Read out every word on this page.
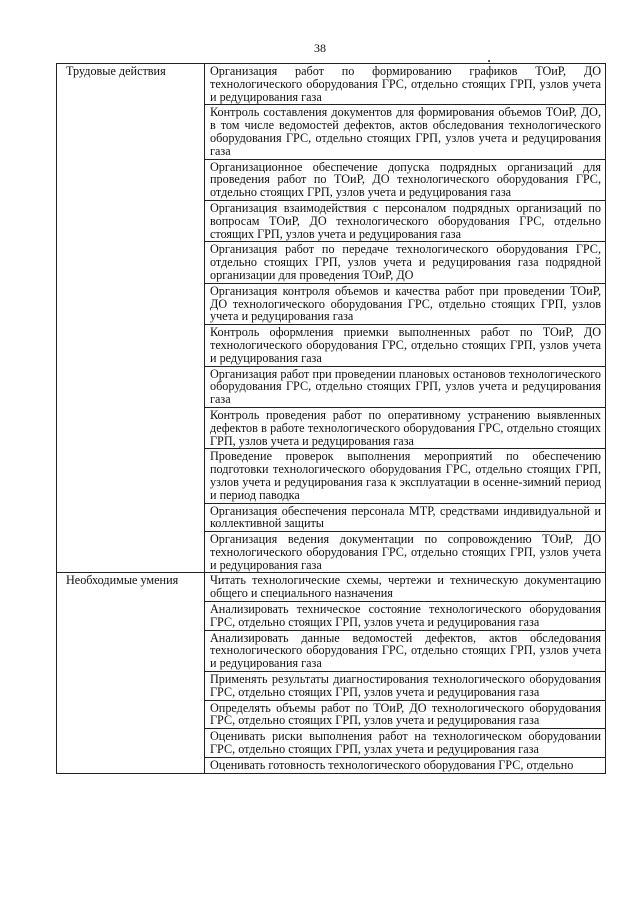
38
Трудовые действия	Организация работ по формированию графиков ТОиР, ДО технологического оборудования ГРС, отдельно стоящих ГРП, узлов учета и редуцирования газа
	Контроль составления документов для формирования объемов ТОиР, ДО, в том числе ведомостей дефектов, актов обследования технологического оборудования ГРС, отдельно стоящих ГРП, узлов учета и редуцирования газа
	Организационное обеспечение допуска подрядных организаций для проведения работ по ТОиР, ДО технологического оборудования ГРС, отдельно стоящих ГРП, узлов учета и редуцирования газа
	Организация взаимодействия с персоналом подрядных организаций по вопросам ТОиР, ДО технологического оборудования ГРС, отдельно стоящих ГРП, узлов учета и редуцирования газа
	Организация работ по передаче технологического оборудования ГРС, отдельно стоящих ГРП, узлов учета и редуцирования газа подрядной организации для проведения ТОиР, ДО
	Организация контроля объемов и качества работ при проведении ТОиР, ДО технологического оборудования ГРС, отдельно стоящих ГРП, узлов учета и редуцирования газа
	Контроль оформления приемки выполненных работ по ТОиР, ДО технологического оборудования ГРС, отдельно стоящих ГРП, узлов учета и редуцирования газа
	Организация работ при проведении плановых остановов технологического оборудования ГРС, отдельно стоящих ГРП, узлов учета и редуцирования газа
	Контроль проведения работ по оперативному устранению выявленных дефектов в работе технологического оборудования ГРС, отдельно стоящих ГРП, узлов учета и редуцирования газа
	Проведение проверок выполнения мероприятий по обеспечению подготовки технологического оборудования ГРС, отдельно стоящих ГРП, узлов учета и редуцирования газа к эксплуатации в осенне-зимний период и период паводка
	Организация обеспечения персонала МТР, средствами индивидуальной и коллективной защиты
	Организация ведения документации по сопровождению ТОиР, ДО технологического оборудования ГРС, отдельно стоящих ГРП, узлов учета и редуцирования газа
Необходимые умения	Читать технологические схемы, чертежи и техническую документацию общего и специального назначения
	Анализировать техническое состояние технологического оборудования ГРС, отдельно стоящих ГРП, узлов учета и редуцирования газа
	Анализировать данные ведомостей дефектов, актов обследования технологического оборудования ГРС, отдельно стоящих ГРП, узлов учета и редуцирования газа
	Применять результаты диагностирования технологического оборудования ГРС, отдельно стоящих ГРП, узлов учета и редуцирования газа
	Определять объемы работ по ТОиР, ДО технологического оборудования ГРС, отдельно стоящих ГРП, узлов учета и редуцирования газа
	Оценивать риски выполнения работ на технологическом оборудовании ГРС, отдельно стоящих ГРП, узлах учета и редуцирования газа
	Оценивать готовность технологического оборудования ГРС, отдельно
